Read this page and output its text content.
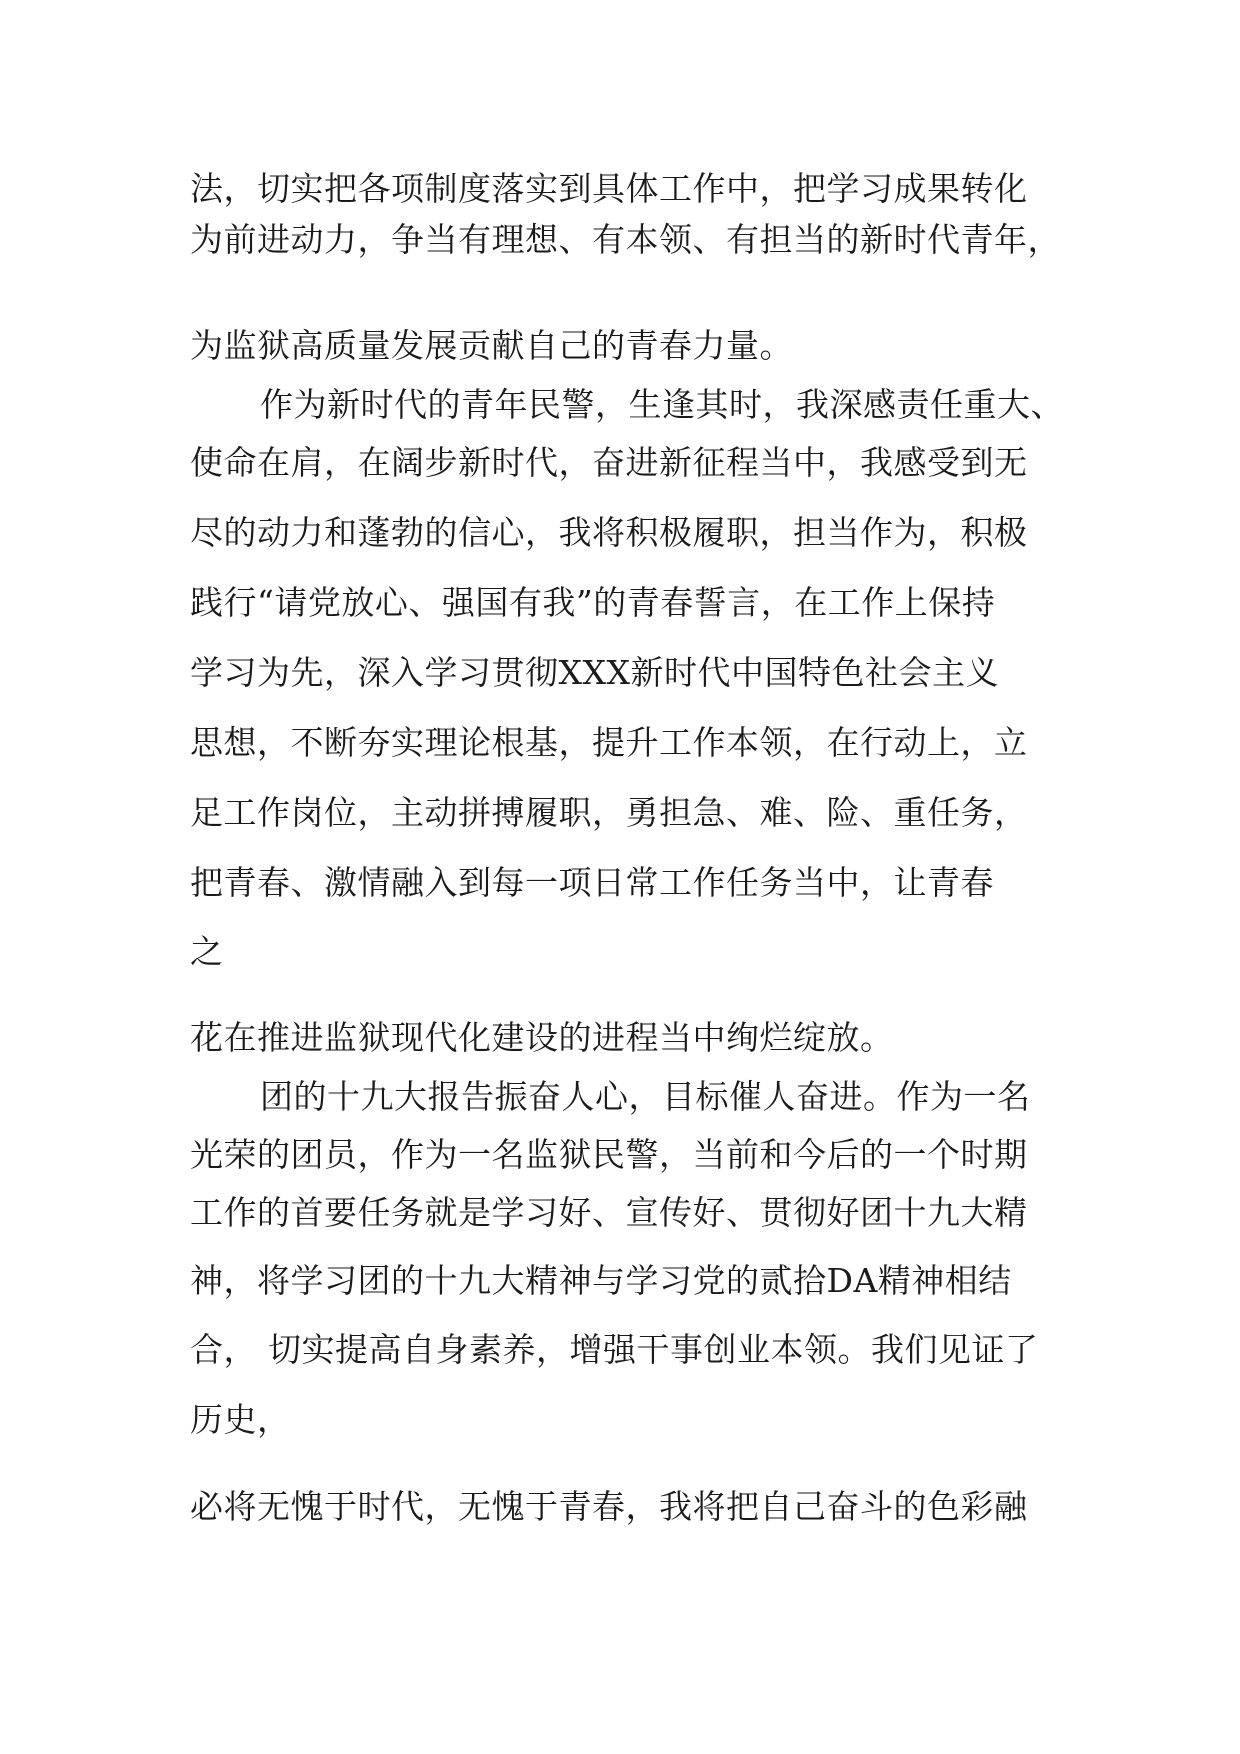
法，切实把各项制度落实到具体工作中，把学习成果转化
为前进动力，争当有理想、有本领、有担当的新时代青年，
为监狱高质量发展贡献自己的青春力量。
作为新时代的青年民警，生逢其时，我深感责任重大、
使命在肩，在阔步新时代，奋进新征程当中，我感受到无
尽的动力和蓬勃的信心，我将积极履职，担当作为，积极
践行“请党放心、强国有我”的青春誓言，在工作上保持
学习为先，深入学习贯彻XXX新时代中国特色社会主义
思想，不断夯实理论根基，提升工作本领，在行动上，立
足工作岗位，主动拼搏履职，勇担急、难、险、重任务，
把青春、激情融入到每一项日常工作任务当中，让青春
之
花在推进监狱现代化建设的进程当中绚烂绽放。
团的十九大报告振奋人心，目标催人奋进。作为一名
光荣的团员，作为一名监狱民警，当前和今后的一个时期
工作的首要任务就是学习好、宣传好、贯彻好团十九大精
神，将学习团的十九大精神与学习党的贰拾DA精神相结
合， 切实提高自身素养，增强干事创业本领。我们见证了
历史，
必将无愧于时代，无愧于青春，我将把自己奋斗的色彩融
